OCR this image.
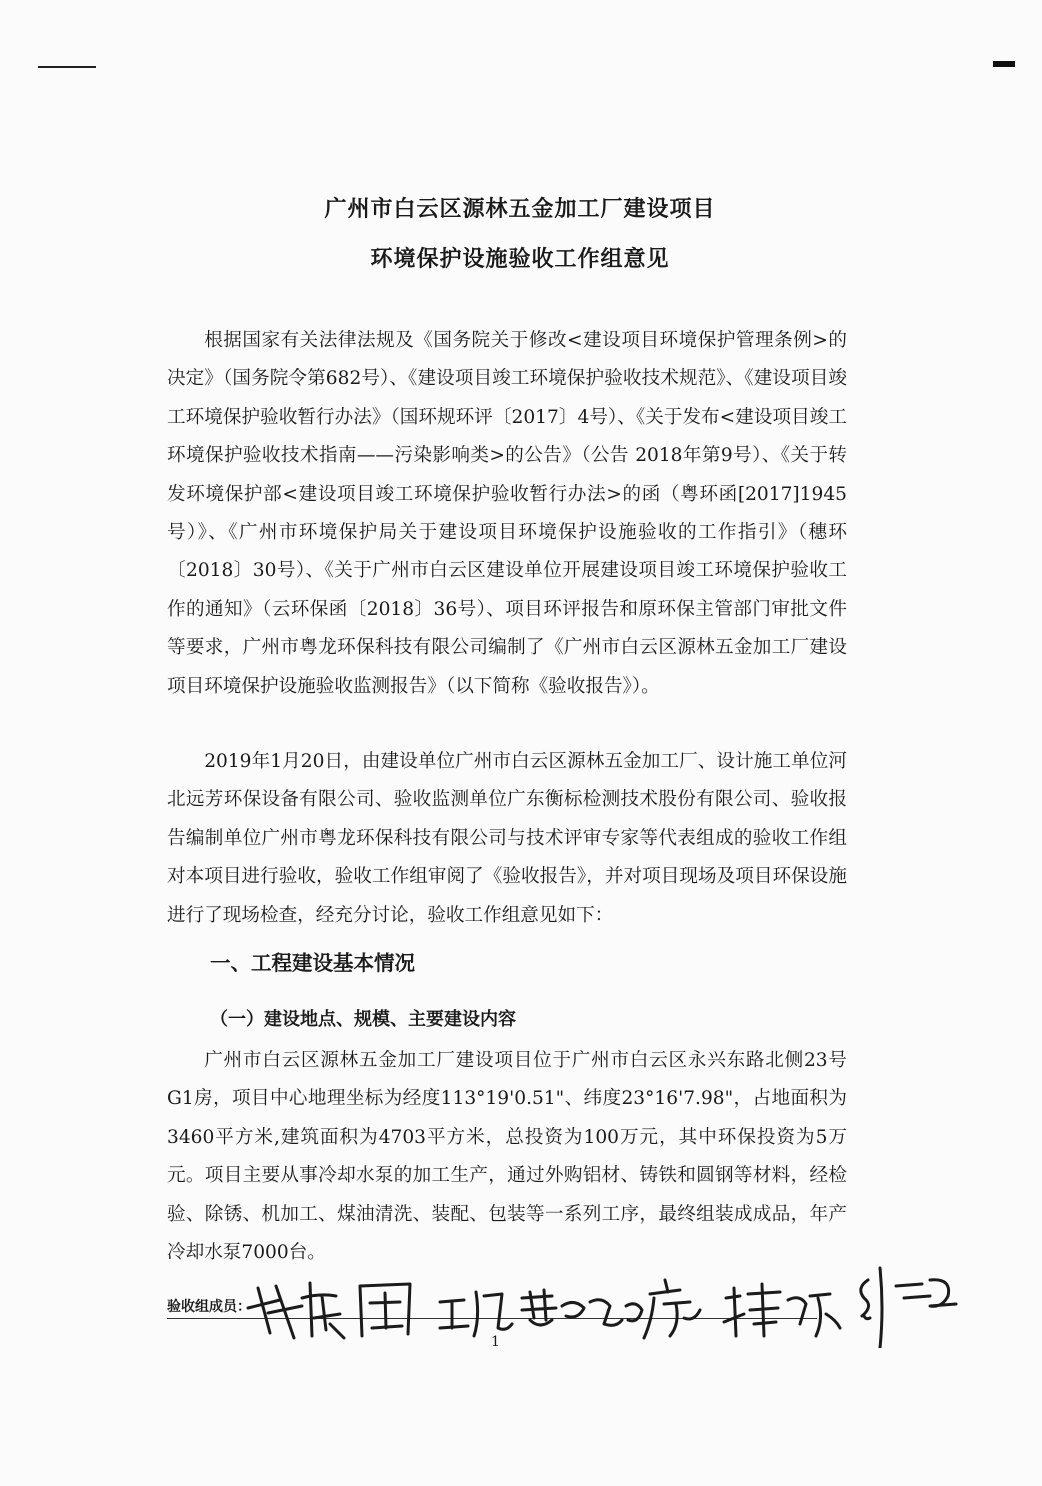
广州市白云区源林五金加工厂建设项目
环境保护设施验收工作组意见

根据国家有关法律法规及《国务院关于修改<建设项目环境保护管理条例>的决定》（国务院令第682号）、《建设项目竣工环境保护验收技术规范》、《建设项目竣工环境保护验收暂行办法》（国环规环评〔2017〕4号）、《关于发布<建设项目竣工环境保护验收技术指南——污染影响类>的公告》（公告 2018年第9号）、《关于转发环境保护部<建设项目竣工环境保护验收暂行办法>的函（粤环函[2017]1945号）》、《广州市环境保护局关于建设项目环境保护设施验收的工作指引》（穗环〔2018〕30号）、《关于广州市白云区建设单位开展建设项目竣工环境保护验收工作的通知》（云环保函〔2018〕36号）、项目环评报告和原环保主管部门审批文件等要求，广州市粤龙环保科技有限公司编制了《广州市白云区源林五金加工厂建设项目环境保护设施验收监测报告》（以下简称《验收报告》）。

2019年1月20日，由建设单位广州市白云区源林五金加工厂、设计施工单位河北远芳环保设备有限公司、验收监测单位广东衡标检测技术股份有限公司、验收报告编制单位广州市粤龙环保科技有限公司与技术评审专家等代表组成的验收工作组对本项目进行验收，验收工作组审阅了《验收报告》，并对项目现场及项目环保设施进行了现场检查，经充分讨论，验收工作组意见如下：

一、工程建设基本情况
（一）建设地点、规模、主要建设内容

广州市白云区源林五金加工厂建设项目位于广州市白云区永兴东路北侧23号G1房，项目中心地理坐标为经度113°19'0.51"、纬度23°16'7.98"，占地面积为3460平方米,建筑面积为4703平方米，总投资为100万元，其中环保投资为5万元。项目主要从事冷却水泵的加工生产，通过外购铝材、铸铁和圆钢等材料，经检验、除锈、机加工、煤油清洗、装配、包装等一系列工序，最终组装成成品，年产冷却水泵7000台。

验收组成员：
1
